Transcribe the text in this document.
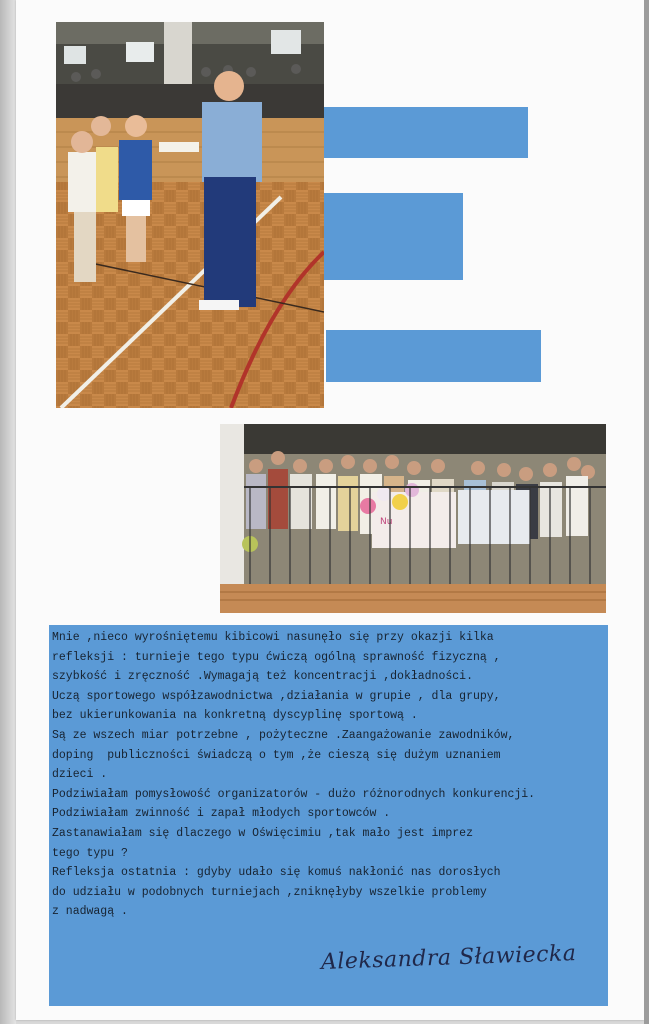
Nu
Mnie ,nieco wyrośniętemu kibicowi nasunęło się przy okazji kilka
refleksji : turnieje tego typu ćwiczą ogólną sprawność fizyczną ,
szybkość i zręczność .Wymagają też koncentracji ,dokładności.
Uczą sportowego współzawodnictwa ,działania w grupie , dla grupy,
bez ukierunkowania na konkretną dyscyplinę sportową .
Są ze wszech miar potrzebne , pożyteczne .Zaangażowanie zawodników,
doping  publiczności świadczą o tym ,że cieszą się dużym uznaniem
dzieci .
Podziwiałam pomysłowość organizatorów - dużo różnorodnych konkurencji.
Podziwiałam zwinność i zapał młodych sportowców .
Zastanawiałam się dlaczego w Oświęcimiu ,tak mało jest imprez
tego typu ?
Refleksja ostatnia : gdyby udało się komuś nakłonić nas dorosłych
do udziału w podobnych turniejach ,zniknęłyby wszelkie problemy
z nadwagą .
Aleksandra Sławiecka
